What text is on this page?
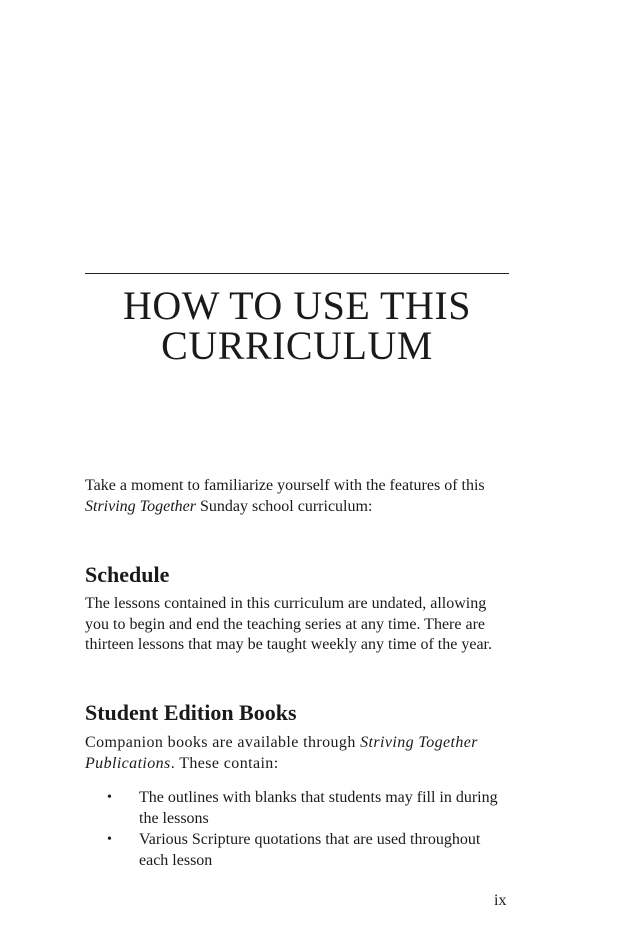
HOW TO USE THIS
CURRICULUM

Take a moment to familiarize yourself with the features of this Striving Together Sunday school curriculum:

Schedule

The lessons contained in this curriculum are undated, allowing you to begin and end the teaching series at any time. There are thirteen lessons that may be taught weekly any time of the year.

Student Edition Books

Companion books are available through Striving Together Publications. These contain:

• The outlines with blanks that students may fill in during the lessons
• Various Scripture quotations that are used throughout each lesson
ix
